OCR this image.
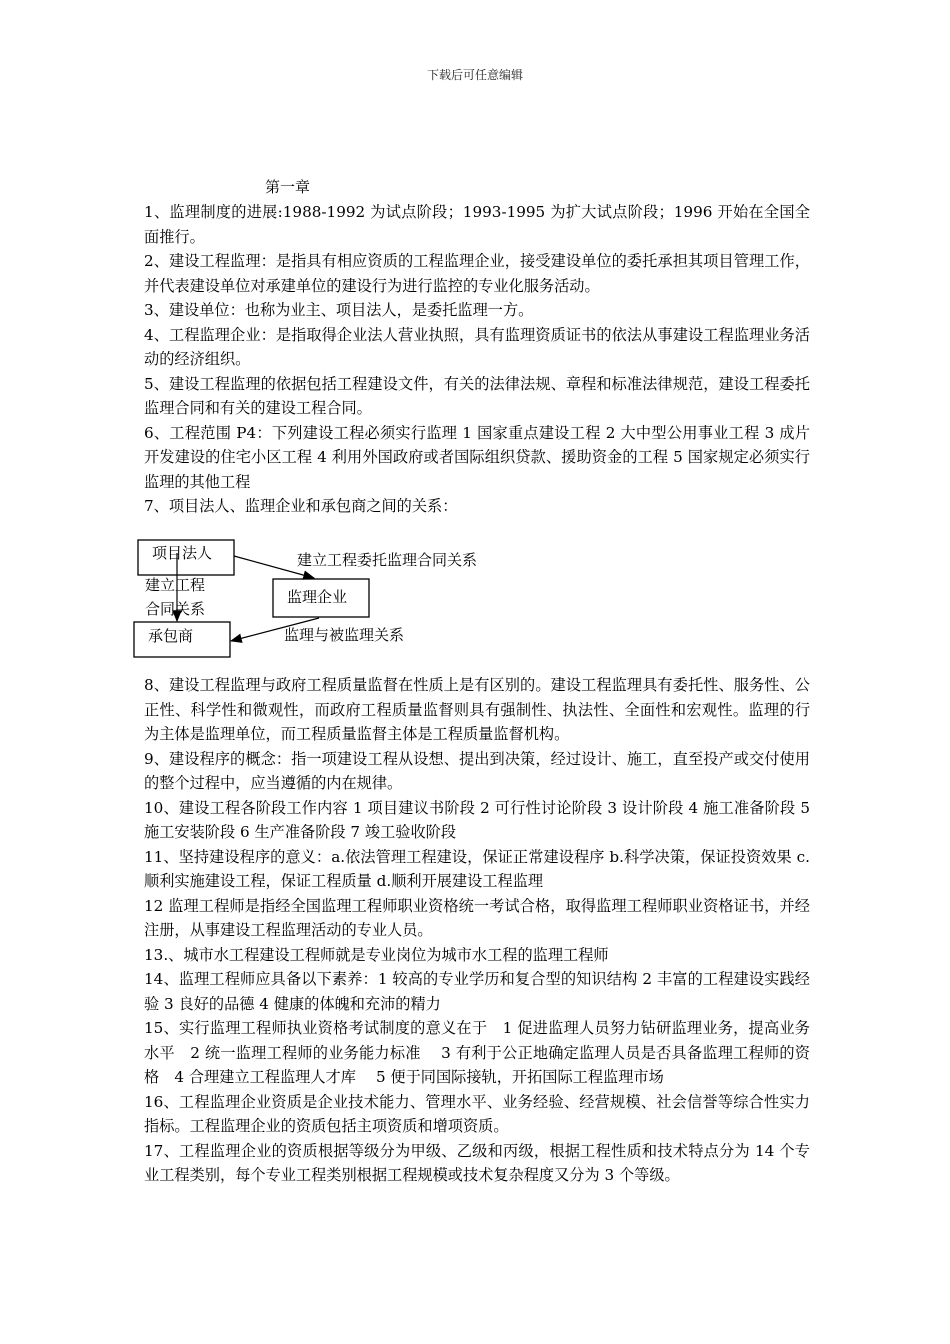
下载后可任意编辑
第一章

1、监理制度的进展:1988-1992 为试点阶段；1993-1995 为扩大试点阶段；1996 开始在全国全面推行。

2、建设工程监理：是指具有相应资质的工程监理企业，接受建设单位的委托承担其项目管理工作，并代表建设单位对承建单位的建设行为进行监控的专业化服务活动。

3、建设单位：也称为业主、项目法人，是委托监理一方。

4、工程监理企业：是指取得企业法人营业执照，具有监理资质证书的依法从事建设工程监理业务活动的经济组织。

5、建设工程监理的依据包括工程建设文件，有关的法律法规、章程和标准法律规范，建设工程委托监理合同和有关的建设工程合同。

6、工程范围 P4：下列建设工程必须实行监理 1 国家重点建设工程 2 大中型公用事业工程 3 成片开发建设的住宅小区工程 4 利用外国政府或者国际组织贷款、援助资金的工程 5 国家规定必须实行监理的其他工程

7、项目法人、监理企业和承包商之间的关系：

项目法人
监理企业
承包商
建立工程委托监理合同关系
建立工程
合同关系
监理与被监理关系

8、建设工程监理与政府工程质量监督在性质上是有区别的。建设工程监理具有委托性、服务性、公正性、科学性和微观性，而政府工程质量监督则具有强制性、执法性、全面性和宏观性。监理的行为主体是监理单位，而工程质量监督主体是工程质量监督机构。

9、建设程序的概念：指一项建设工程从设想、提出到决策，经过设计、施工，直至投产或交付使用的整个过程中，应当遵循的内在规律。

10、建设工程各阶段工作内容 1 项目建议书阶段 2 可行性讨论阶段 3 设计阶段 4 施工准备阶段 5 施工安装阶段 6 生产准备阶段 7 竣工验收阶段

11、坚持建设程序的意义：a.依法管理工程建设，保证正常建设程序 b.科学决策，保证投资效果 c.顺利实施建设工程，保证工程质量 d.顺利开展建设工程监理

12 监理工程师是指经全国监理工程师职业资格统一考试合格，取得监理工程师职业资格证书，并经注册，从事建设工程监理活动的专业人员。

13.、城市水工程建设工程师就是专业岗位为城市水工程的监理工程师

14、监理工程师应具备以下素养：1 较高的专业学历和复合型的知识结构 2 丰富的工程建设实践经验 3 良好的品德 4 健康的体魄和充沛的精力

15、实行监理工程师执业资格考试制度的意义在于　1 促进监理人员努力钻研监理业务，提高业务水平　2 统一监理工程师的业务能力标准　 3 有利于公正地确定监理人员是否具备监理工程师的资格　4 合理建立工程监理人才库　 5 便于同国际接轨，开拓国际工程监理市场

16、工程监理企业资质是企业技术能力、管理水平、业务经验、经营规模、社会信誉等综合性实力指标。工程监理企业的资质包括主项资质和增项资质。

17、工程监理企业的资质根据等级分为甲级、乙级和丙级，根据工程性质和技术特点分为 14 个专业工程类别，每个专业工程类别根据工程规模或技术复杂程度又分为 3 个等级。
